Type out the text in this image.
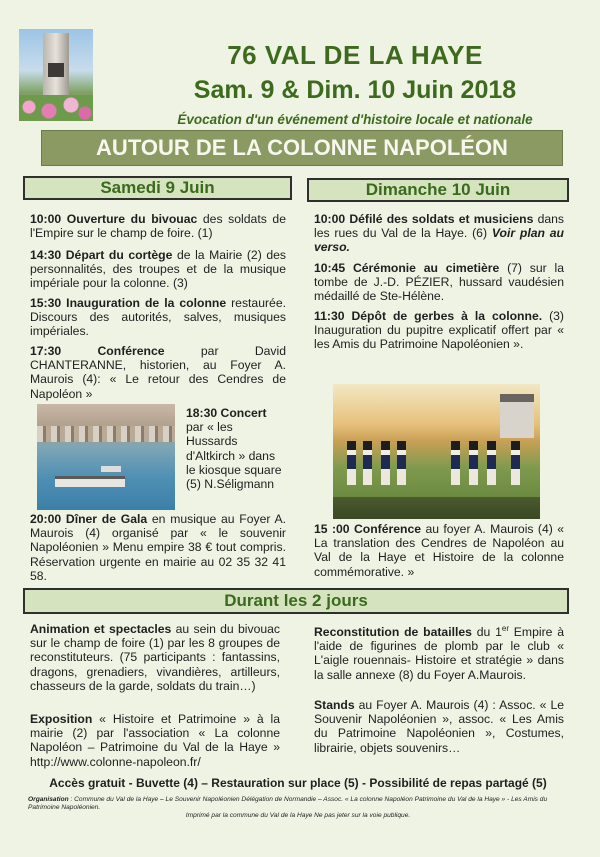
76 VAL DE LA HAYE
Sam. 9 & Dim. 10 Juin 2018
Évocation d'un événement d'histoire locale et nationale
AUTOUR DE LA COLONNE NAPOLÉON
Samedi 9 Juin
10:00 Ouverture du bivouac des soldats de l'Empire sur le champ de foire. (1)
14:30 Départ du cortège de la Mairie (2) des personnalités, des troupes et de la musique impériale pour la colonne. (3)
15:30 Inauguration de la colonne restaurée. Discours des autorités, salves, musiques impériales.
17:30 Conférence par David CHANTERANNE, historien, au Foyer A. Maurois (4): « Le retour des Cendres de Napoléon »
18:30 Concert par « les Hussards d'Altkirch » dans le kiosque square (5) N.Séligmann
20:00 Dîner de Gala en musique au Foyer A. Maurois (4) organisé par « le souvenir Napoléonien » Menu empire 38 € tout compris. Réservation urgente en mairie au 02 35 32 41 58.
Dimanche 10 Juin
10:00 Défilé des soldats et musiciens dans les rues du Val de la Haye. (6) Voir plan au verso.
10:45 Cérémonie au cimetière (7) sur la tombe de J.-D. PÉZIER, hussard vaudésien médaillé de Ste-Hélène.
11:30 Dépôt de gerbes à la colonne. (3) Inauguration du pupitre explicatif offert par « les Amis du Patrimoine Napoléonien ».
15 :00 Conférence au foyer A. Maurois (4) « La translation des Cendres de Napoléon au Val de la Haye et Histoire de la colonne commémorative. »
Durant les 2 jours
Animation et spectacles au sein du bivouac sur le champ de foire (1) par les 8 groupes de reconstituteurs. (75 participants : fantassins, dragons, grenadiers, vivandières, artilleurs, chasseurs de la garde, soldats du train…)
Exposition « Histoire et Patrimoine » à la mairie (2) par l'association « La colonne Napoléon – Patrimoine du Val de la Haye » http://www.colonne-napoleon.fr/
Reconstitution de batailles du 1er Empire à l'aide de figurines de plomb par le club « L'aigle rouennais- Histoire et stratégie » dans la salle annexe (8) du Foyer A.Maurois.
Stands au Foyer A. Maurois (4) : Assoc. « Le Souvenir Napoléonien », assoc. « Les Amis du Patrimoine Napoléonien », Costumes, librairie, objets souvenirs…
Accès gratuit - Buvette (4) – Restauration sur place (5) - Possibilité de repas partagé (5)
Organisation : Commune du Val de la Haye – Le Souvenir Napoléonien Délégation de Normandie – Assoc. « La colonne Napoléon Patrimoine du Val de la Haye » - Les Amis du Patrimoine Napoléonien.

Imprimé par la commune du Val de la Haye Ne pas jeter sur la voie publique.
